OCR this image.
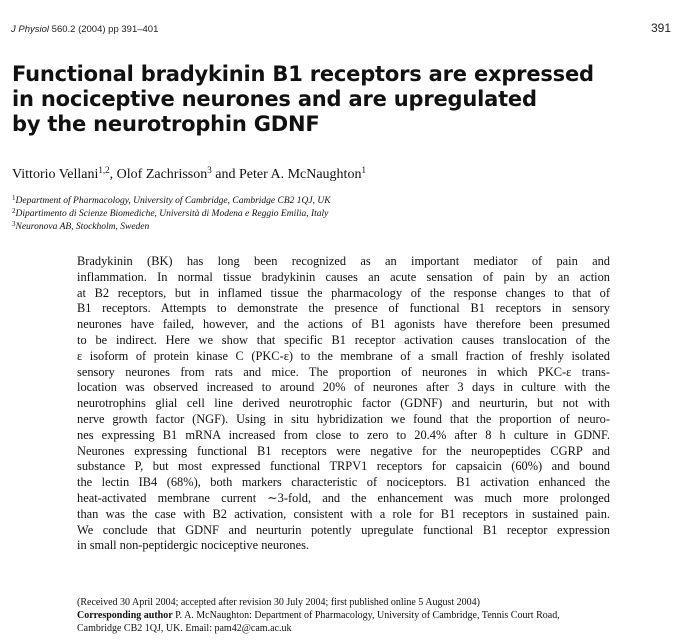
J Physiol 560.2 (2004) pp 391–401	391
Functional bradykinin B1 receptors are expressed
in nociceptive neurones and are upregulated
by the neurotrophin GDNF
Vittorio Vellani$^{1,2}$, Olof Zachrisson$^3$ and Peter A. McNaughton$^1$
$^1$Department of Pharmacology, University of Cambridge, Cambridge CB2 1QJ, UK
$^2$Dipartimento di Scienze Biomediche, Università di Modena e Reggio Emilia, Italy
$^3$Neuronova AB, Stockholm, Sweden
Bradykinin (BK) has long been recognized as an important mediator of pain and
inflammation. In normal tissue bradykinin causes an acute sensation of pain by an action
at B2 receptors, but in inflamed tissue the pharmacology of the response changes to that of
B1 receptors. Attempts to demonstrate the presence of functional B1 receptors in sensory
neurones have failed, however, and the actions of B1 agonists have therefore been presumed
to be indirect. Here we show that specific B1 receptor activation causes translocation of the
ε isoform of protein kinase C (PKC-ε) to the membrane of a small fraction of freshly isolated
sensory neurones from rats and mice. The proportion of neurones in which PKC-ε trans-
location was observed increased to around 20% of neurones after 3 days in culture with the
neurotrophins glial cell line derived neurotrophic factor (GDNF) and neurturin, but not with
nerve growth factor (NGF). Using in situ hybridization we found that the proportion of neuro-
nes expressing B1 mRNA increased from close to zero to 20.4% after 8 h culture in GDNF.
Neurones expressing functional B1 receptors were negative for the neuropeptides CGRP and
substance P, but most expressed functional TRPV1 receptors for capsaicin (60%) and bound
the lectin IB4 (68%), both markers characteristic of nociceptors. B1 activation enhanced the
heat-activated membrane current ∼3-fold, and the enhancement was much more prolonged
than was the case with B2 activation, consistent with a role for B1 receptors in sustained pain.
We conclude that GDNF and neurturin potently upregulate functional B1 receptor expression
in small non-peptidergic nociceptive neurones.
(Received 30 April 2004; accepted after revision 30 July 2004; first published online 5 August 2004)
Corresponding author P. A. McNaughton: Department of Pharmacology, University of Cambridge, Tennis Court Road,
Cambridge CB2 1QJ, UK. Email: pam42@cam.ac.uk
